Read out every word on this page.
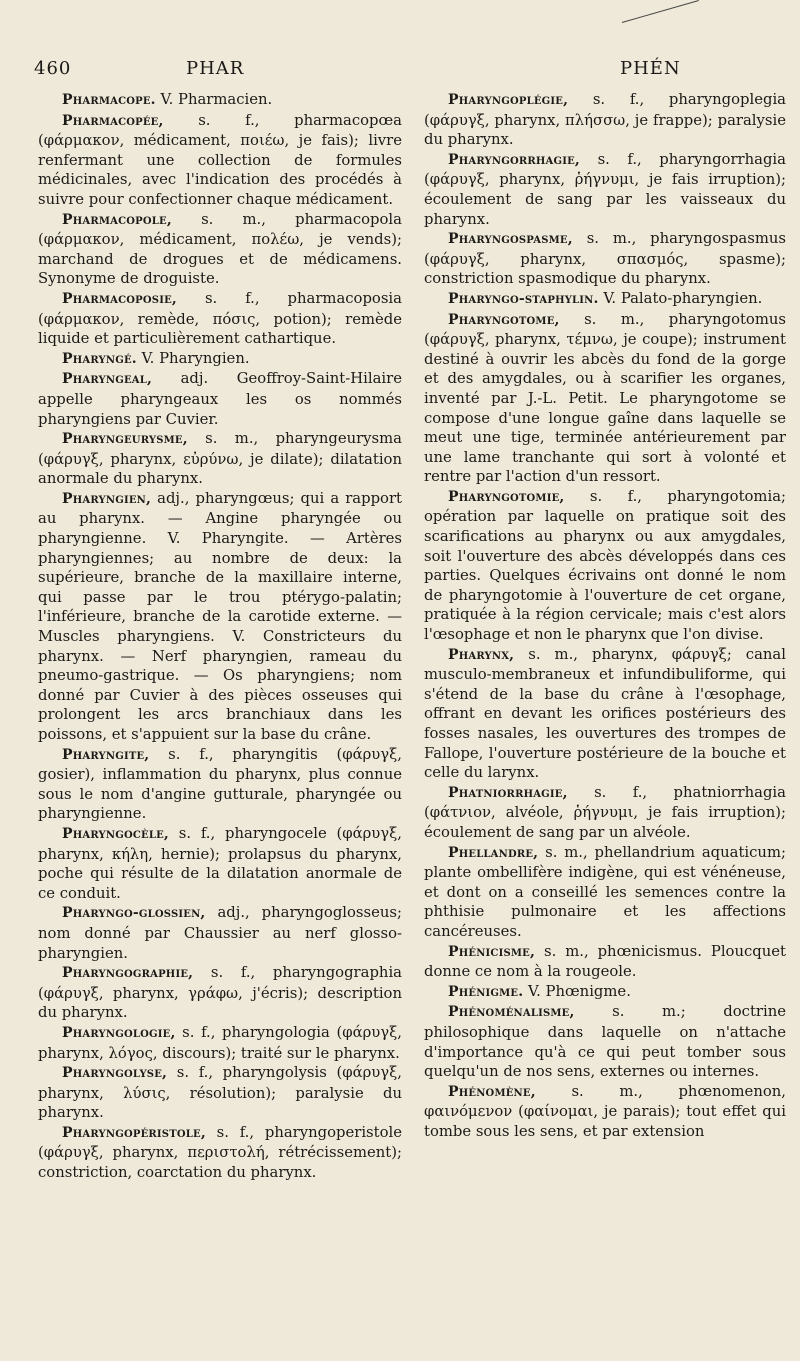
460	PHAR	PHÉN

Pharmacope. V. Pharmacien.

Pharmacopée, s. f., pharmacopœa (φάρμακον, médicament, ποιέω, je fais); livre renfermant une collection de formules médicinales, avec l'indication des procédés à suivre pour confectionner chaque médicament.

Pharmacopole, s. m., pharmacopola (φάρμακον, médicament, πολέω, je vends); marchand de drogues et de médicamens. Synonyme de droguiste.

Pharmacoposie, s. f., pharmacoposia (φάρμακον, remède, πόσις, potion); remède liquide et particulièrement cathartique.

Pharyngé. V. Pharyngien.

Pharyngeal, adj. Geoffroy-Saint-Hilaire appelle pharyngeaux les os nommés pharyngiens par Cuvier.

Pharyngeurysme, s. m., pharyngeurysma (φάρυγξ, pharynx, εὐρύνω, je dilate); dilatation anormale du pharynx.

Pharyngien, adj., pharyngœus; qui a rapport au pharynx. — Angine pharyngée ou pharyngienne. V. Pharyngite. — Artères pharyngiennes; au nombre de deux: la supérieure, branche de la maxillaire interne, qui passe par le trou ptérygo-palatin; l'inférieure, branche de la carotide externe. — Muscles pharyngiens. V. Constricteurs du pharynx. — Nerf pharyngien, rameau du pneumo-gastrique. — Os pharyngiens; nom donné par Cuvier à des pièces osseuses qui prolongent les arcs branchiaux dans les poissons, et s'appuient sur la base du crâne.

Pharyngite, s. f., pharyngitis (φάρυγξ, gosier), inflammation du pharynx, plus connue sous le nom d'angine gutturale, pharyngée ou pharyngienne.

Pharyngocèle, s. f., pharyngocele (φάρυγξ, pharynx, κήλη, hernie); prolapsus du pharynx, poche qui résulte de la dilatation anormale de ce conduit.

Pharyngo-glossien, adj., pharyngoglosseus; nom donné par Chaussier au nerf glosso-pharyngien.

Pharyngographie, s. f., pharyngographia (φάρυγξ, pharynx, γράφω, j'écris); description du pharynx.

Pharyngologie, s. f., pharyngologia (φάρυγξ, pharynx, λόγος, discours); traité sur le pharynx.

Pharyngolyse, s. f., pharyngolysis (φάρυγξ, pharynx, λύσις, résolution); paralysie du pharynx.

Pharyngopéristole, s. f., pharyngoperistole (φάρυγξ, pharynx, περιστολή, rétrécissement); constriction, coarctation du pharynx.

Pharyngoplégie, s. f., pharyngoplegia (φάρυγξ, pharynx, πλήσσω, je frappe); paralysie du pharynx.

Pharyngorrhagie, s. f., pharyngorrhagia (φάρυγξ, pharynx, ῥήγνυμι, je fais irruption); écoulement de sang par les vaisseaux du pharynx.

Pharyngospasme, s. m., pharyngospasmus (φάρυγξ, pharynx, σπασμός, spasme); constriction spasmodique du pharynx.

Pharyngo-staphylin. V. Palato-pharyngien.

Pharyngotome, s. m., pharyngotomus (φάρυγξ, pharynx, τέμνω, je coupe); instrument destiné à ouvrir les abcès du fond de la gorge et des amygdales, ou à scarifier les organes, inventé par J.-L. Petit. Le pharyngotome se compose d'une longue gaîne dans laquelle se meut une tige, terminée antérieurement par une lame tranchante qui sort à volonté et rentre par l'action d'un ressort.

Pharyngotomie, s. f., pharyngotomia; opération par laquelle on pratique soit des scarifications au pharynx ou aux amygdales, soit l'ouverture des abcès développés dans ces parties. Quelques écrivains ont donné le nom de pharyngotomie à l'ouverture de cet organe, pratiquée à la région cervicale; mais c'est alors l'œsophage et non le pharynx que l'on divise.

Pharynx, s. m., pharynx, φάρυγξ; canal musculo-membraneux et infundibuliforme, qui s'étend de la base du crâne à l'œsophage, offrant en devant les orifices postérieurs des fosses nasales, les ouvertures des trompes de Fallope, l'ouverture postérieure de la bouche et celle du larynx.

Phatniorrhagie, s. f., phatniorrhagia (φάτνιον, alvéole, ῥήγνυμι, je fais irruption); écoulement de sang par un alvéole.

Phellandre, s. m., phellandrium aquaticum; plante ombellifère indigène, qui est vénéneuse, et dont on a conseillé les semences contre la phthisie pulmonaire et les affections cancéreuses.

Phénicisme, s. m., phœnicismus. Ploucquet donne ce nom à la rougeole.

Phénigme. V. Phœnigme.

Phénoménalisme,	s. m.; doctrine philosophique dans laquelle on n'attache d'importance qu'à ce qui peut tomber sous quelqu'un de nos sens, externes ou internes.

Phénomène, s. m., phœnomenon, φαινόμενον (φαίνομαι, je parais); tout effet qui tombe sous les sens, et par extension
